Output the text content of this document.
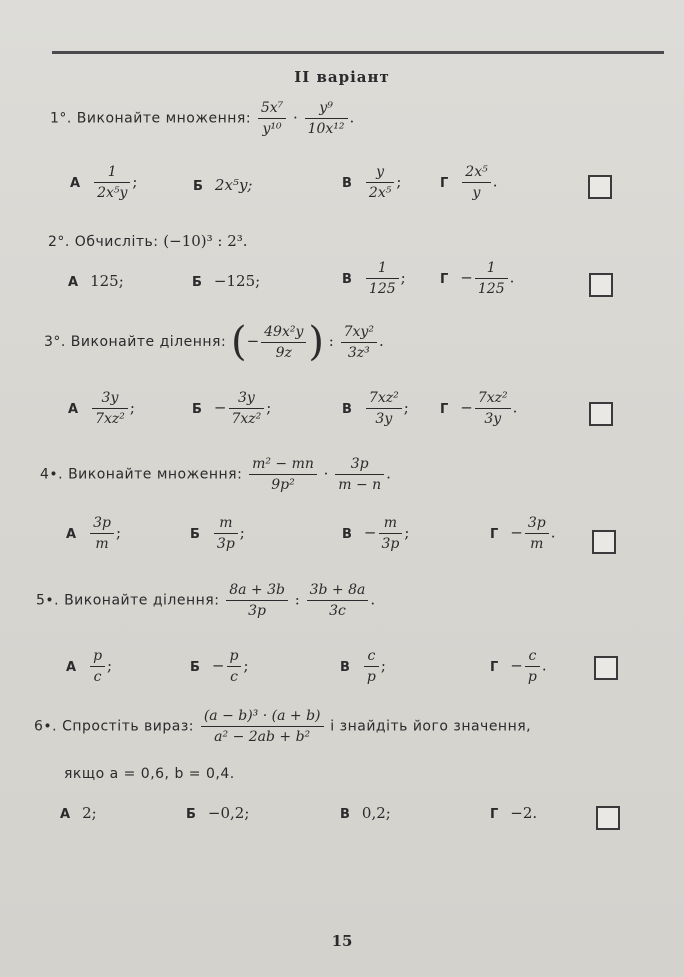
II варіант
1°. Виконайте множення: $\frac{\text{5x⁷}}{\text{y¹⁰}} \cdot \frac{\text{y⁹}}{\text{10x¹²}}$ .
А $\frac{1}{\text{2x⁵y}}$ ;	Б 2x⁵y;	В $\frac{y}{\text{2x⁵}}$ ;	Г $\frac{\text{2x⁵}}{y}$ .
2°. Обчисліть: (−10)³ : 2³.
А 125;	Б −125;	В $\frac{1}{125}$ ;	$Г - \frac{1}{125}$ .
3°. Виконайте ділення: (− $\frac{\text{49x²y}}{9z}$ ) : $\frac{\text{7xy²}}{\text{3z³}}$ .
А $\frac{3y}{\text{7xz²}}$ ;	$Б - \frac{3y}{\text{7xz²}}$ ;	В $\frac{\text{7xz²}}{3y}$ ; $Г - \frac{\text{7xz²}}{3y}$ .
4•. Виконайте множення: $\frac{\text{m² − mn}}{\text{9p²}} \cdot \frac{3p}{m - n}$ .
А $\frac{3p}{m}$ ;	Б $\frac{m}{3p}$ ;	$В - \frac{m}{3p}$ ;	$Г - \frac{3p}{m}$ .
5•. Виконайте ділення: $\frac{8a + 3b}{3p}$ : $\frac{3b + 8a}{3c}$ .
А $\frac{p}{c}$ ;	$Б - \frac{p}{c}$ ;	В $\frac{c}{p}$ ;	$Г - \frac{c}{p}$ .
6•. Спростіть вираз: $\frac{\text{(a − b)³ · (a + b)}}{\text{a² − 2ab + b²}}$ і знайдіть його значення,
якщо a = 0,6, b = 0,4.
А 2;	Б −0,2;	В 0,2;	Г −2.
15
